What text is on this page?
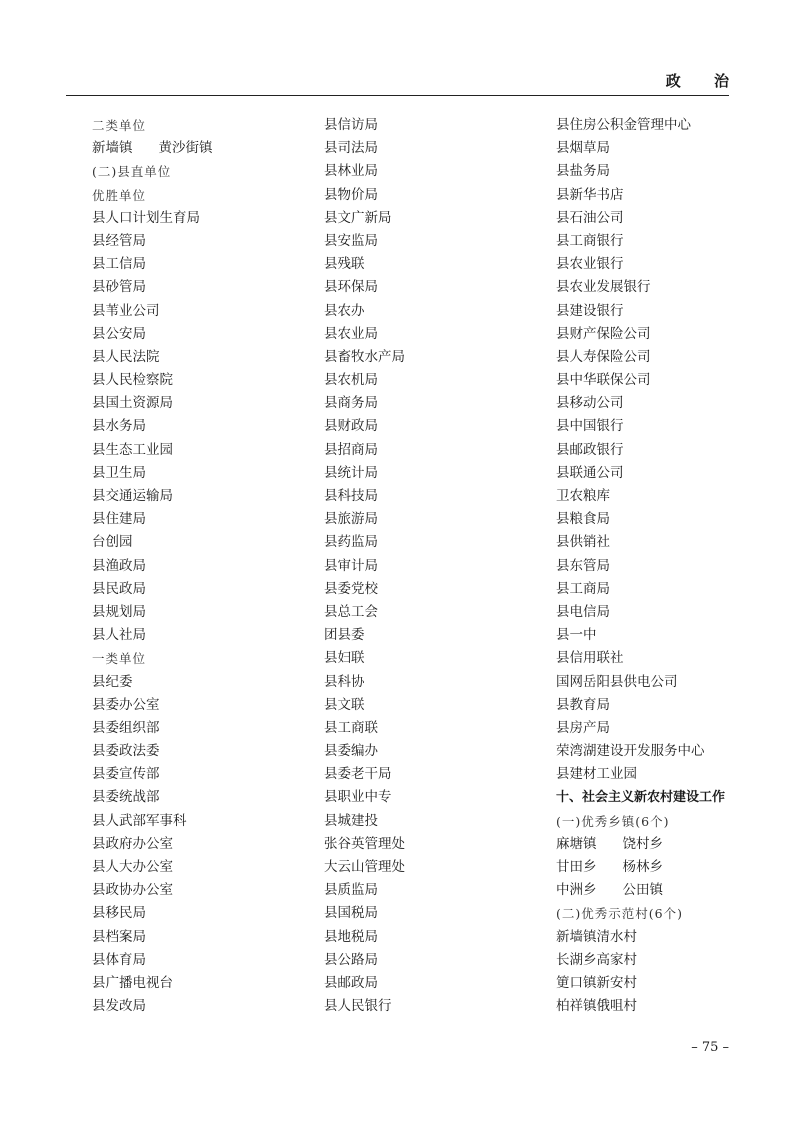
政 治
二类单位
新墙镇 黄沙街镇
(二)县直单位
优胜单位
县人口计划生育局
县经管局
县工信局
县砂管局
县苇业公司
县公安局
县人民法院
县人民检察院
县国土资源局
县水务局
县生态工业园
县卫生局
县交通运输局
县住建局
台创园
县渔政局
县民政局
县规划局
县人社局
一类单位
县纪委
县委办公室
县委组织部
县委政法委
县委宣传部
县委统战部
县人武部军事科
县政府办公室
县人大办公室
县政协办公室
县移民局
县档案局
县体育局
县广播电视台
县发改局
县信访局
县司法局
县林业局
县物价局
县文广新局
县安监局
县残联
县环保局
县农办
县农业局
县畜牧水产局
县农机局
县商务局
县财政局
县招商局
县统计局
县科技局
县旅游局
县药监局
县审计局
县委党校
县总工会
团县委
县妇联
县科协
县文联
县工商联
县委编办
县委老干局
县职业中专
县城建投
张谷英管理处
大云山管理处
县质监局
县国税局
县地税局
县公路局
县邮政局
县人民银行
县住房公积金管理中心
县烟草局
县盐务局
县新华书店
县石油公司
县工商银行
县农业银行
县农业发展银行
县建设银行
县财产保险公司
县人寿保险公司
县中华联保公司
县移动公司
县中国银行
县邮政银行
县联通公司
卫农粮库
县粮食局
县供销社
县东管局
县工商局
县电信局
县一中
县信用联社
国网岳阳县供电公司
县教育局
县房产局
荣湾湖建设开发服务中心
县建材工业园
十、社会主义新农村建设工作
(一)优秀乡镇(6个)
麻塘镇 饶村乡
甘田乡 杨林乡
中洲乡 公田镇
(二)优秀示范村(6个)
新墙镇清水村
长湖乡高家村
筻口镇新安村
柏祥镇俄咀村
– 75 –
